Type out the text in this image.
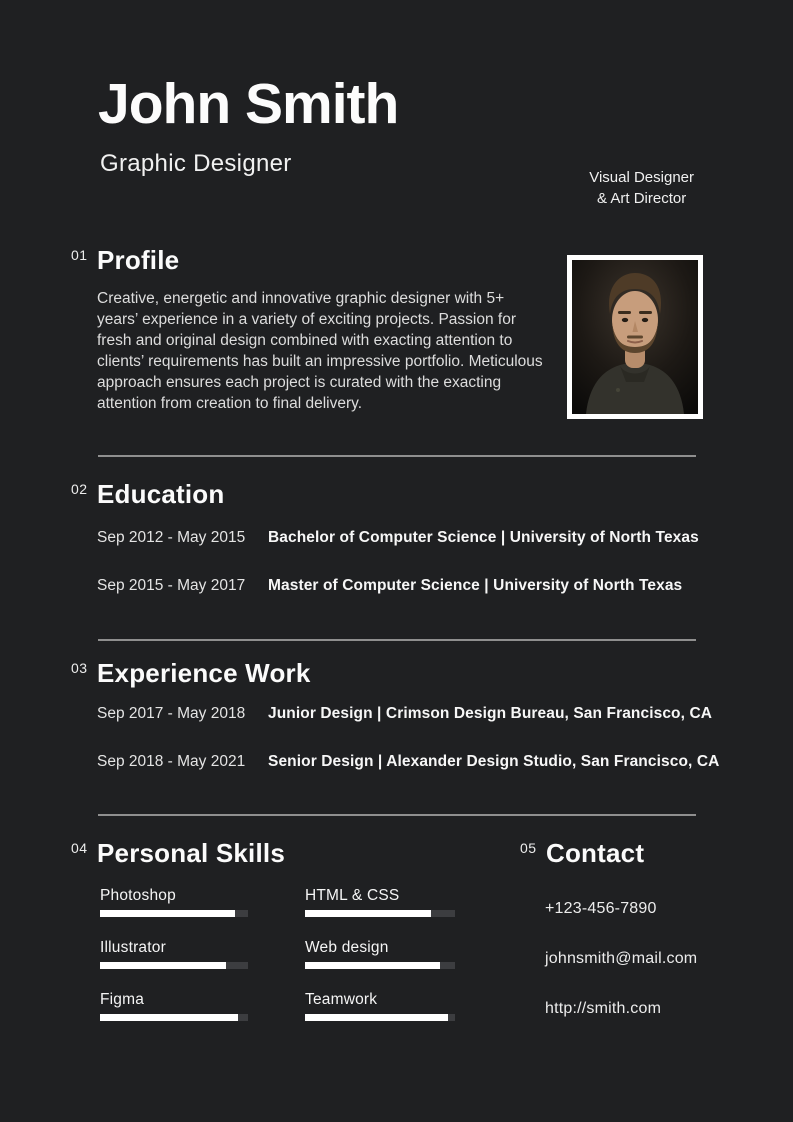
John Smith
Graphic Designer
Visual Designer
& Art Director
01 Profile
Creative, energetic and innovative graphic designer with 5+ years’ experience in a variety of exciting projects. Passion for fresh and original design combined with exacting attention to clients’ requirements has built an impressive portfolio. Meticulous approach ensures each project is curated with the exacting attention from creation to final delivery.
02 Education
Sep 2012 - May 2015	Bachelor of Computer Science | University of North Texas
Sep 2015 - May 2017	Master of Computer Science | University of North Texas
03 Experience Work
Sep 2017 - May 2018	Junior Design | Crimson Design Bureau, San Francisco, CA
Sep 2018 - May 2021	Senior Design | Alexander Design Studio, San Francisco, CA
04 Personal Skills
Photoshop	HTML & CSS
Illustrator	Web design
Figma	Teamwork
05 Contact
+123-456-7890
johnsmith@mail.com
http://smith.com
